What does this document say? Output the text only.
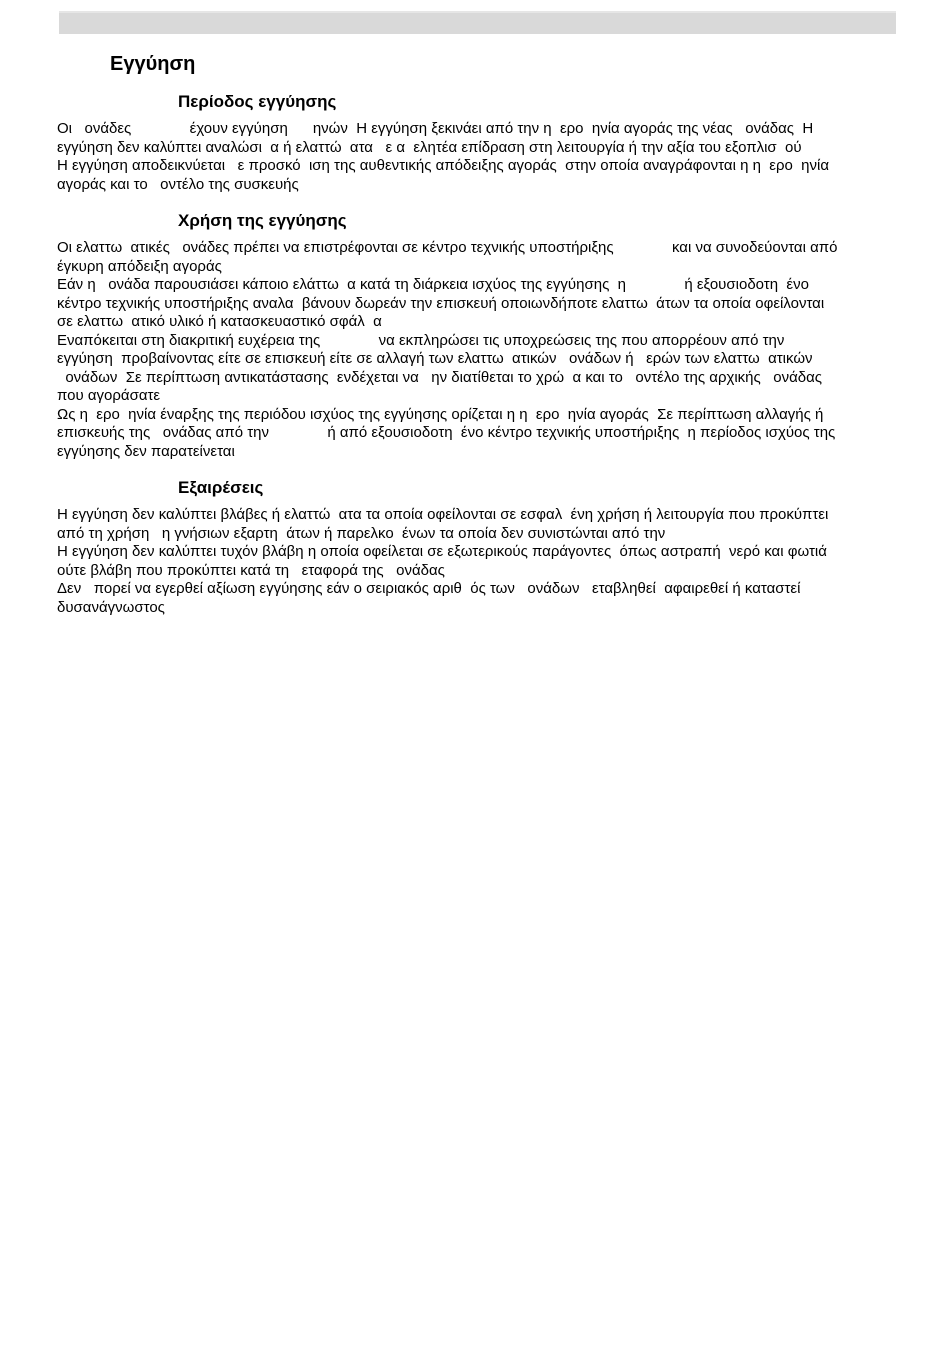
Εγγύηση
Περίοδος εγγύησης
Οι   ονάδες              έχουν εγγύηση      ηνών  Η εγγύηση ξεκινάει από την η  ερο  ηνία αγοράς της νέας   ονάδας  Η
εγγύηση δεν καλύπτει αναλώσι  α ή ελαττώ  ατα   ε α  ελητέα επίδραση στη λειτουργία ή την αξία του εξοπλισ  ού
Η εγγύηση αποδεικνύεται   ε προσκό  ιση της αυθεντικής απόδειξης αγοράς  στην οποία αναγράφονται η η  ερο  ηνία
αγοράς και το   οντέλο της συσκευής
Χρήση της εγγύησης
Οι ελαττω  ατικές   ονάδες πρέπει να επιστρέφονται σε κέντρο τεχνικής υποστήριξης              και να συνοδεύονται από
έγκυρη απόδειξη αγοράς
Εάν η   ονάδα παρουσιάσει κάποιο ελάττω  α κατά τη διάρκεια ισχύος της εγγύησης  η              ή εξουσιοδοτη  ένο
κέντρο τεχνικής υποστήριξης αναλα  βάνουν δωρεάν την επισκευή οποιωνδήποτε ελαττω  άτων τα οποία οφείλονται
σε ελαττω  ατικό υλικό ή κατασκευαστικό σφάλ  α
Εναπόκειται στη διακριτική ευχέρεια της              να εκπληρώσει τις υποχρεώσεις της που απορρέουν από την
εγγύηση  προβαίνοντας είτε σε επισκευή είτε σε αλλαγή των ελαττω  ατικών   ονάδων ή   ερών των ελαττω  ατικών
ονάδων  Σε περίπτωση αντικατάστασης  ενδέχεται να   ην διατίθεται το χρώ  α και το   οντέλο της αρχικής   ονάδας
που αγοράσατε
Ως η  ερο  ηνία έναρξης της περιόδου ισχύος της εγγύησης ορίζεται η η  ερο  ηνία αγοράς  Σε περίπτωση αλλαγής ή
επισκευής της   ονάδας από την              ή από εξουσιοδοτη  ένο κέντρο τεχνικής υποστήριξης  η περίοδος ισχύος της
εγγύησης δεν παρατείνεται
Εξαιρέσεις
Η εγγύηση δεν καλύπτει βλάβες ή ελαττώ  ατα τα οποία οφείλονται σε εσφαλ  ένη χρήση ή λειτουργία που προκύπτει
από τη χρήση   η γνήσιων εξαρτη  άτων ή παρελκο  ένων τα οποία δεν συνιστώνται από την
Η εγγύηση δεν καλύπτει τυχόν βλάβη η οποία οφείλεται σε εξωτερικούς παράγοντες  όπως αστραπή  νερό και φωτιά
ούτε βλάβη που προκύπτει κατά τη   εταφορά της   ονάδας
Δεν   πορεί να εγερθεί αξίωση εγγύησης εάν ο σειριακός αριθ  ός των   ονάδων   εταβληθεί  αφαιρεθεί ή καταστεί
δυσανάγνωστος
